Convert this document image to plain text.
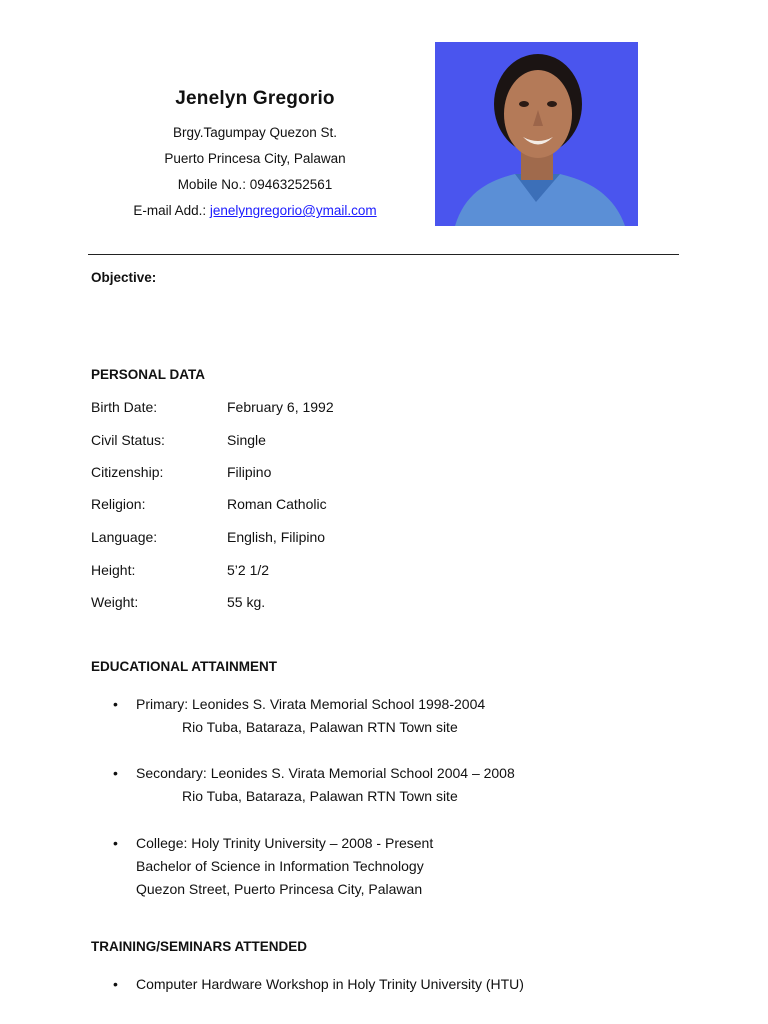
Jenelyn Gregorio
Brgy.Tagumpay Quezon St.
Puerto Princesa City, Palawan
Mobile No.: 09463252561
E-mail Add.: jenelyngregorio@ymail.com
Objective:
PERSONAL DATA
Birth Date:	February 6, 1992
Civil Status:	Single
Citizenship:	Filipino
Religion:	Roman Catholic
Language:	English, Filipino
Height:	5’2 1/2
Weight:	55 kg.
EDUCATIONAL ATTAINMENT
• Primary: Leonides S. Virata Memorial School 1998-2004
Rio Tuba, Bataraza, Palawan RTN Town site
• Secondary: Leonides S. Virata Memorial School 2004 – 2008
Rio Tuba, Bataraza, Palawan RTN Town site
• College: Holy Trinity University – 2008 - Present
Bachelor of Science in Information Technology
Quezon Street, Puerto Princesa City, Palawan
TRAINING/SEMINARS ATTENDED
• Computer Hardware Workshop in Holy Trinity University (HTU)
